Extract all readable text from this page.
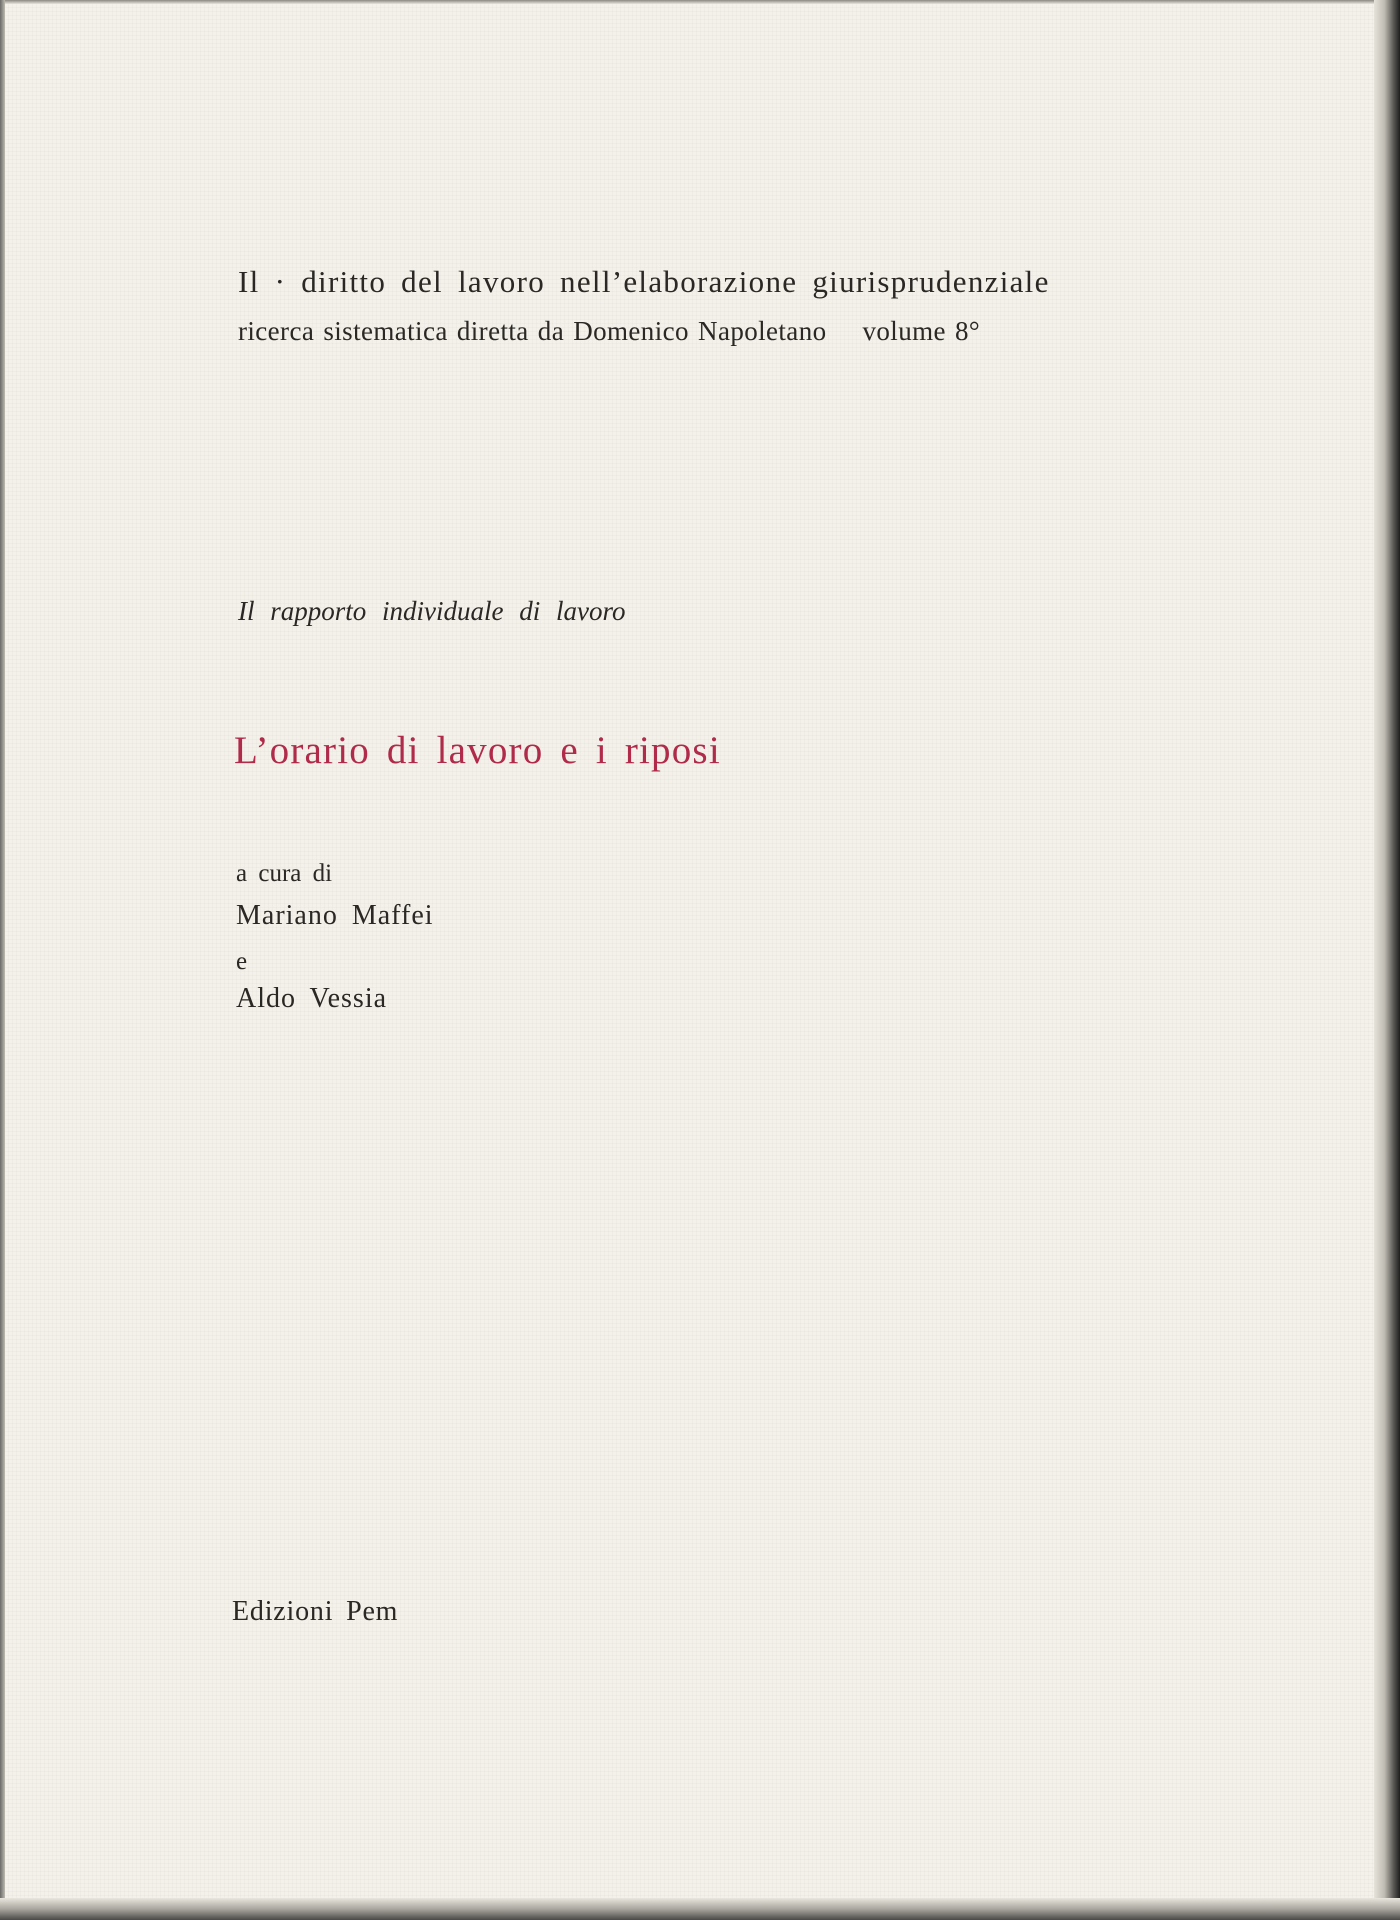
Il · diritto del lavoro nell’elaborazione giurisprudenziale

ricerca sistematica diretta da Domenico Napoletano volume 8°

Il rapporto individuale di lavoro

L’orario di lavoro e i riposi

a cura di

Mariano Maffei

e

Aldo Vessia

Edizioni Pem
